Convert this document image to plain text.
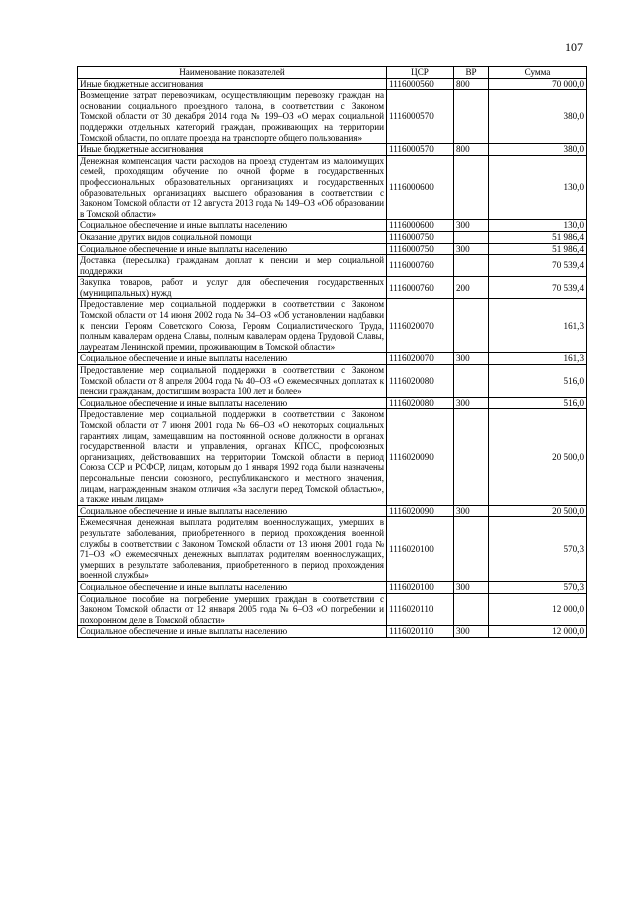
107
Наименование показателей	ЦСР	ВР	Сумма
Иные бюджетные ассигнования	1116000560	800	70 000,0
Возмещение затрат перевозчикам, осуществляющим перевозку граждан на основании социального проездного талона, в соответствии с Законом Томской области от 30 декабря 2014 года № 199–ОЗ «О мерах социальной поддержки отдельных категорий граждан, проживающих на территории Томской области, по оплате проезда на транспорте общего пользования»	1116000570		380,0
Иные бюджетные ассигнования	1116000570	800	380,0
Денежная компенсация части расходов на проезд студентам из малоимущих семей, проходящим обучение по очной форме в государственных профессиональных образовательных организациях и государственных образовательных организациях высшего образования в соответствии с Законом Томской области от 12 августа 2013 года № 149–ОЗ «Об образовании в Томской области»	1116000600		130,0
Социальное обеспечение и иные выплаты населению	1116000600	300	130,0
Оказание других видов социальной помощи	1116000750		51 986,4
Социальное обеспечение и иные выплаты населению	1116000750	300	51 986,4
Доставка (пересылка) гражданам доплат к пенсии и мер социальной поддержки	1116000760		70 539,4
Закупка товаров, работ и услуг для обеспечения государственных (муниципальных) нужд	1116000760	200	70 539,4
Предоставление мер социальной поддержки в соответствии с Законом Томской области от 14 июня 2002 года № 34–ОЗ «Об установлении надбавки к пенсии Героям Советского Союза, Героям Социалистического Труда, полным кавалерам ордена Славы, полным кавалерам ордена Трудовой Славы, лауреатам Ленинской премии, проживающим в Томской области»	1116020070		161,3
Социальное обеспечение и иные выплаты населению	1116020070	300	161,3
Предоставление мер социальной поддержки в соответствии с Законом Томской области от 8 апреля 2004 года № 40–ОЗ «О ежемесячных доплатах к пенсии гражданам, достигшим возраста 100 лет и более»	1116020080		516,0
Социальное обеспечение и иные выплаты населению	1116020080	300	516,0
Предоставление мер социальной поддержки в соответствии с Законом Томской области от 7 июня 2001 года № 66–ОЗ «О некоторых социальных гарантиях лицам, замещавшим на постоянной основе должности в органах государственной власти и управления, органах КПСС, профсоюзных организациях, действовавших на территории Томской области в период Союза ССР и РСФСР, лицам, которым до 1 января 1992 года были назначены персональные пенсии союзного, республиканского и местного значения, лицам, награжденным знаком отличия «За заслуги перед Томской областью», а также иным лицам»	1116020090		20 500,0
Социальное обеспечение и иные выплаты населению	1116020090	300	20 500,0
Ежемесячная денежная выплата родителям военнослужащих, умерших в результате заболевания, приобретенного в период прохождения военной службы в соответствии с Законом Томской области от 13 июня 2001 года № 71–ОЗ «О ежемесячных денежных выплатах родителям военнослужащих, умерших в результате заболевания, приобретенного в период прохождения военной службы»	1116020100		570,3
Социальное обеспечение и иные выплаты населению	1116020100	300	570,3
Социальное пособие на погребение умерших граждан в соответствии с Законом Томской области от 12 января 2005 года № 6–ОЗ «О погребении и похоронном деле в Томской области»	1116020110		12 000,0
Социальное обеспечение и иные выплаты населению	1116020110	300	12 000,0
